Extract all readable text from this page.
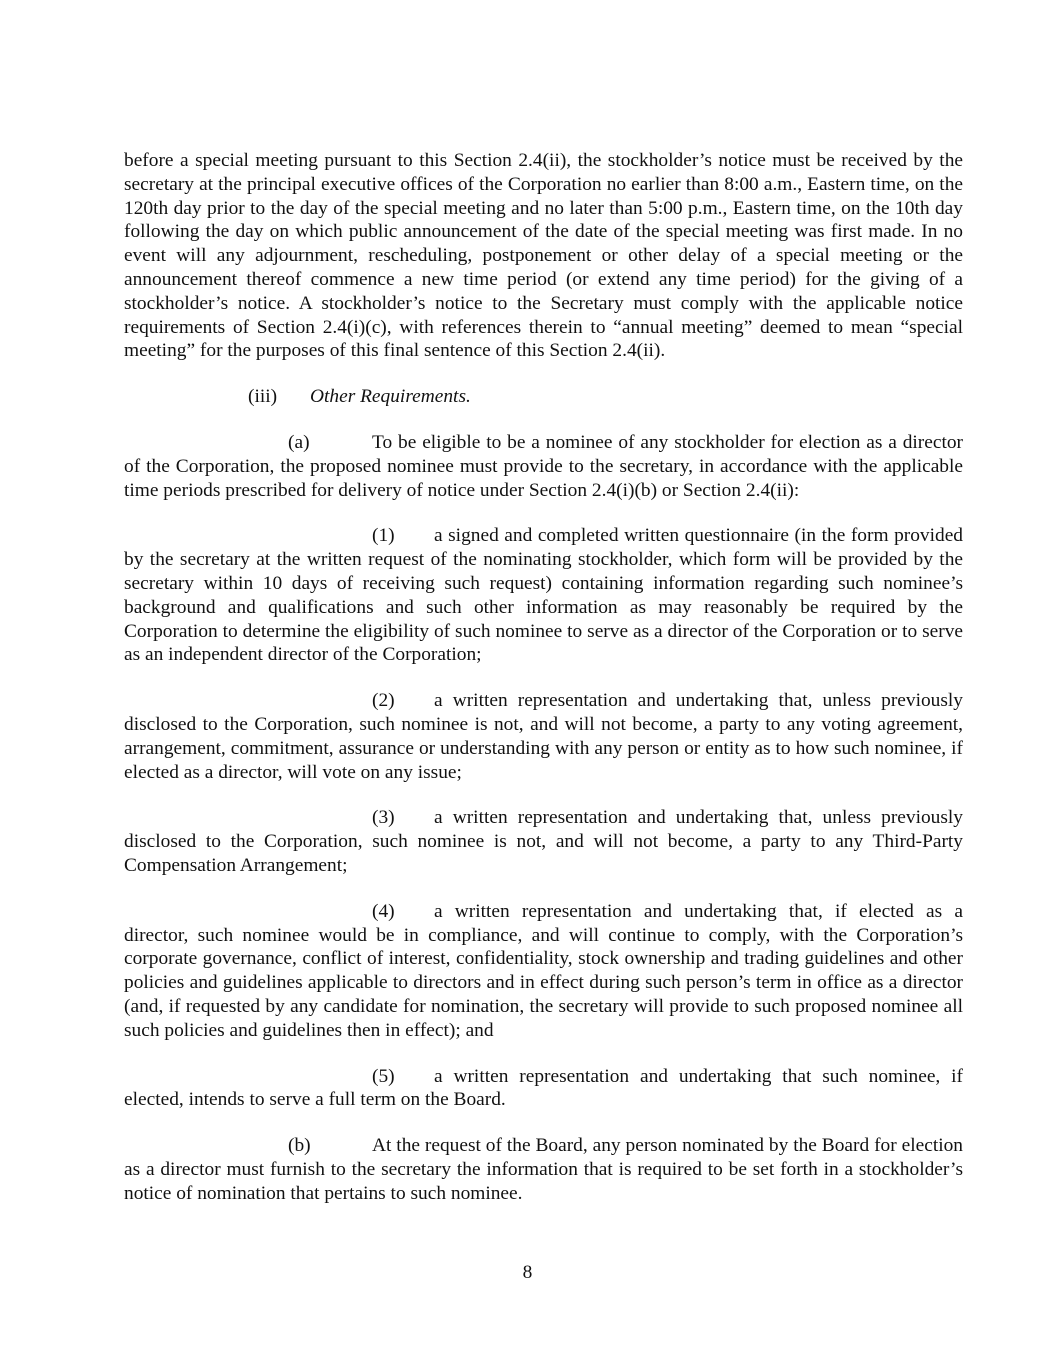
before a special meeting pursuant to this Section 2.4(ii), the stockholder’s notice must be received by the secretary at the principal executive offices of the Corporation no earlier than 8:00 a.m., Eastern time, on the 120th day prior to the day of the special meeting and no later than 5:00 p.m., Eastern time, on the 10th day following the day on which public announcement of the date of the special meeting was first made. In no event will any adjournment, rescheduling, postponement or other delay of a special meeting or the announcement thereof commence a new time period (or extend any time period) for the giving of a stockholder’s notice. A stockholder’s notice to the Secretary must comply with the applicable notice requirements of Section 2.4(i)(c), with references therein to “annual meeting” deemed to mean “special meeting” for the purposes of this final sentence of this Section 2.4(ii).

(iii) Other Requirements.

(a)	To be eligible to be a nominee of any stockholder for election as a director of the Corporation, the proposed nominee must provide to the secretary, in accordance with the applicable time periods prescribed for delivery of notice under Section 2.4(i)(b) or Section 2.4(ii):

(1) a signed and completed written questionnaire (in the form provided by the secretary at the written request of the nominating stockholder, which form will be provided by the secretary within 10 days of receiving such request) containing information regarding such nominee’s background and qualifications and such other information as may reasonably be required by the Corporation to determine the eligibility of such nominee to serve as a director of the Corporation or to serve as an independent director of the Corporation;

(2) a written representation and undertaking that, unless previously disclosed to the Corporation, such nominee is not, and will not become, a party to any voting agreement, arrangement, commitment, assurance or understanding with any person or entity as to how such nominee, if elected as a director, will vote on any issue;

(3) a written representation and undertaking that, unless previously disclosed to the Corporation, such nominee is not, and will not become, a party to any Third-Party Compensation Arrangement;

(4) a written representation and undertaking that, if elected as a director, such nominee would be in compliance, and will continue to comply, with the Corporation’s corporate governance, conflict of interest, confidentiality, stock ownership and trading guidelines and other policies and guidelines applicable to directors and in effect during such person’s term in office as a director (and, if requested by any candidate for nomination, the secretary will provide to such proposed nominee all such policies and guidelines then in effect); and

(5) a written representation and undertaking that such nominee, if elected, intends to serve a full term on the Board.

(b)	At the request of the Board, any person nominated by the Board for election as a director must furnish to the secretary the information that is required to be set forth in a stockholder’s notice of nomination that pertains to such nominee.

8
